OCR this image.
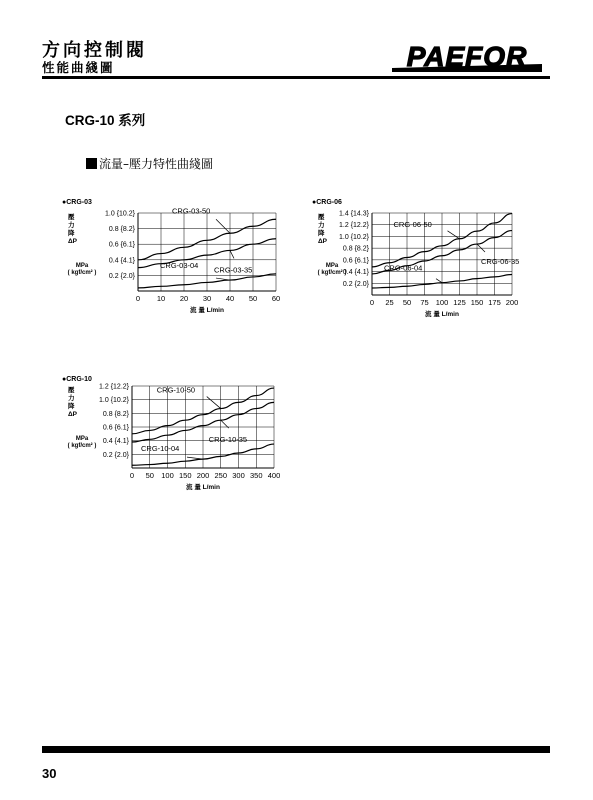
方向控制閥
性能曲綫圖	PAEFOR
CRG-10 系列
流量–壓力特性曲綫圖
●CRG-03
0 10 20 30 40 50 60
0.2 {2.0}
0.4 {4.1}
0.6 {6.1}
0.8 {8.2}
1.0 {10.2}
壓
力
降
ΔP
MPa
( kgf/cm² )
流 量 L/min
CRG-03-50
CRG-03-35
CRG-03-04
●CRG-06
0 25 50 75 100 125 150 175 200
0.2 {2.0}
0.4 {4.1}
0.6 {6.1}
0.8 {8.2}
1.0 {10.2}
1.2 {12.2}
1.4 {14.3}
壓
力
降
ΔP
MPa
( kgf/cm² )
流 量 L/min
CRG-06-50
CRG-06-35
CRG-06-04
●CRG-10
0 50 100 150 200 250 300 350 400
0.2 {2.0}
0.4 {4.1}
0.6 {6.1}
0.8 {8.2}
1.0 {10.2}
1.2 {12.2}
壓
力
降
ΔP
MPa
( kgf/cm² )
流 量 L/min
CRG-10-50
CRG-10-35
CRG-10-04
30
